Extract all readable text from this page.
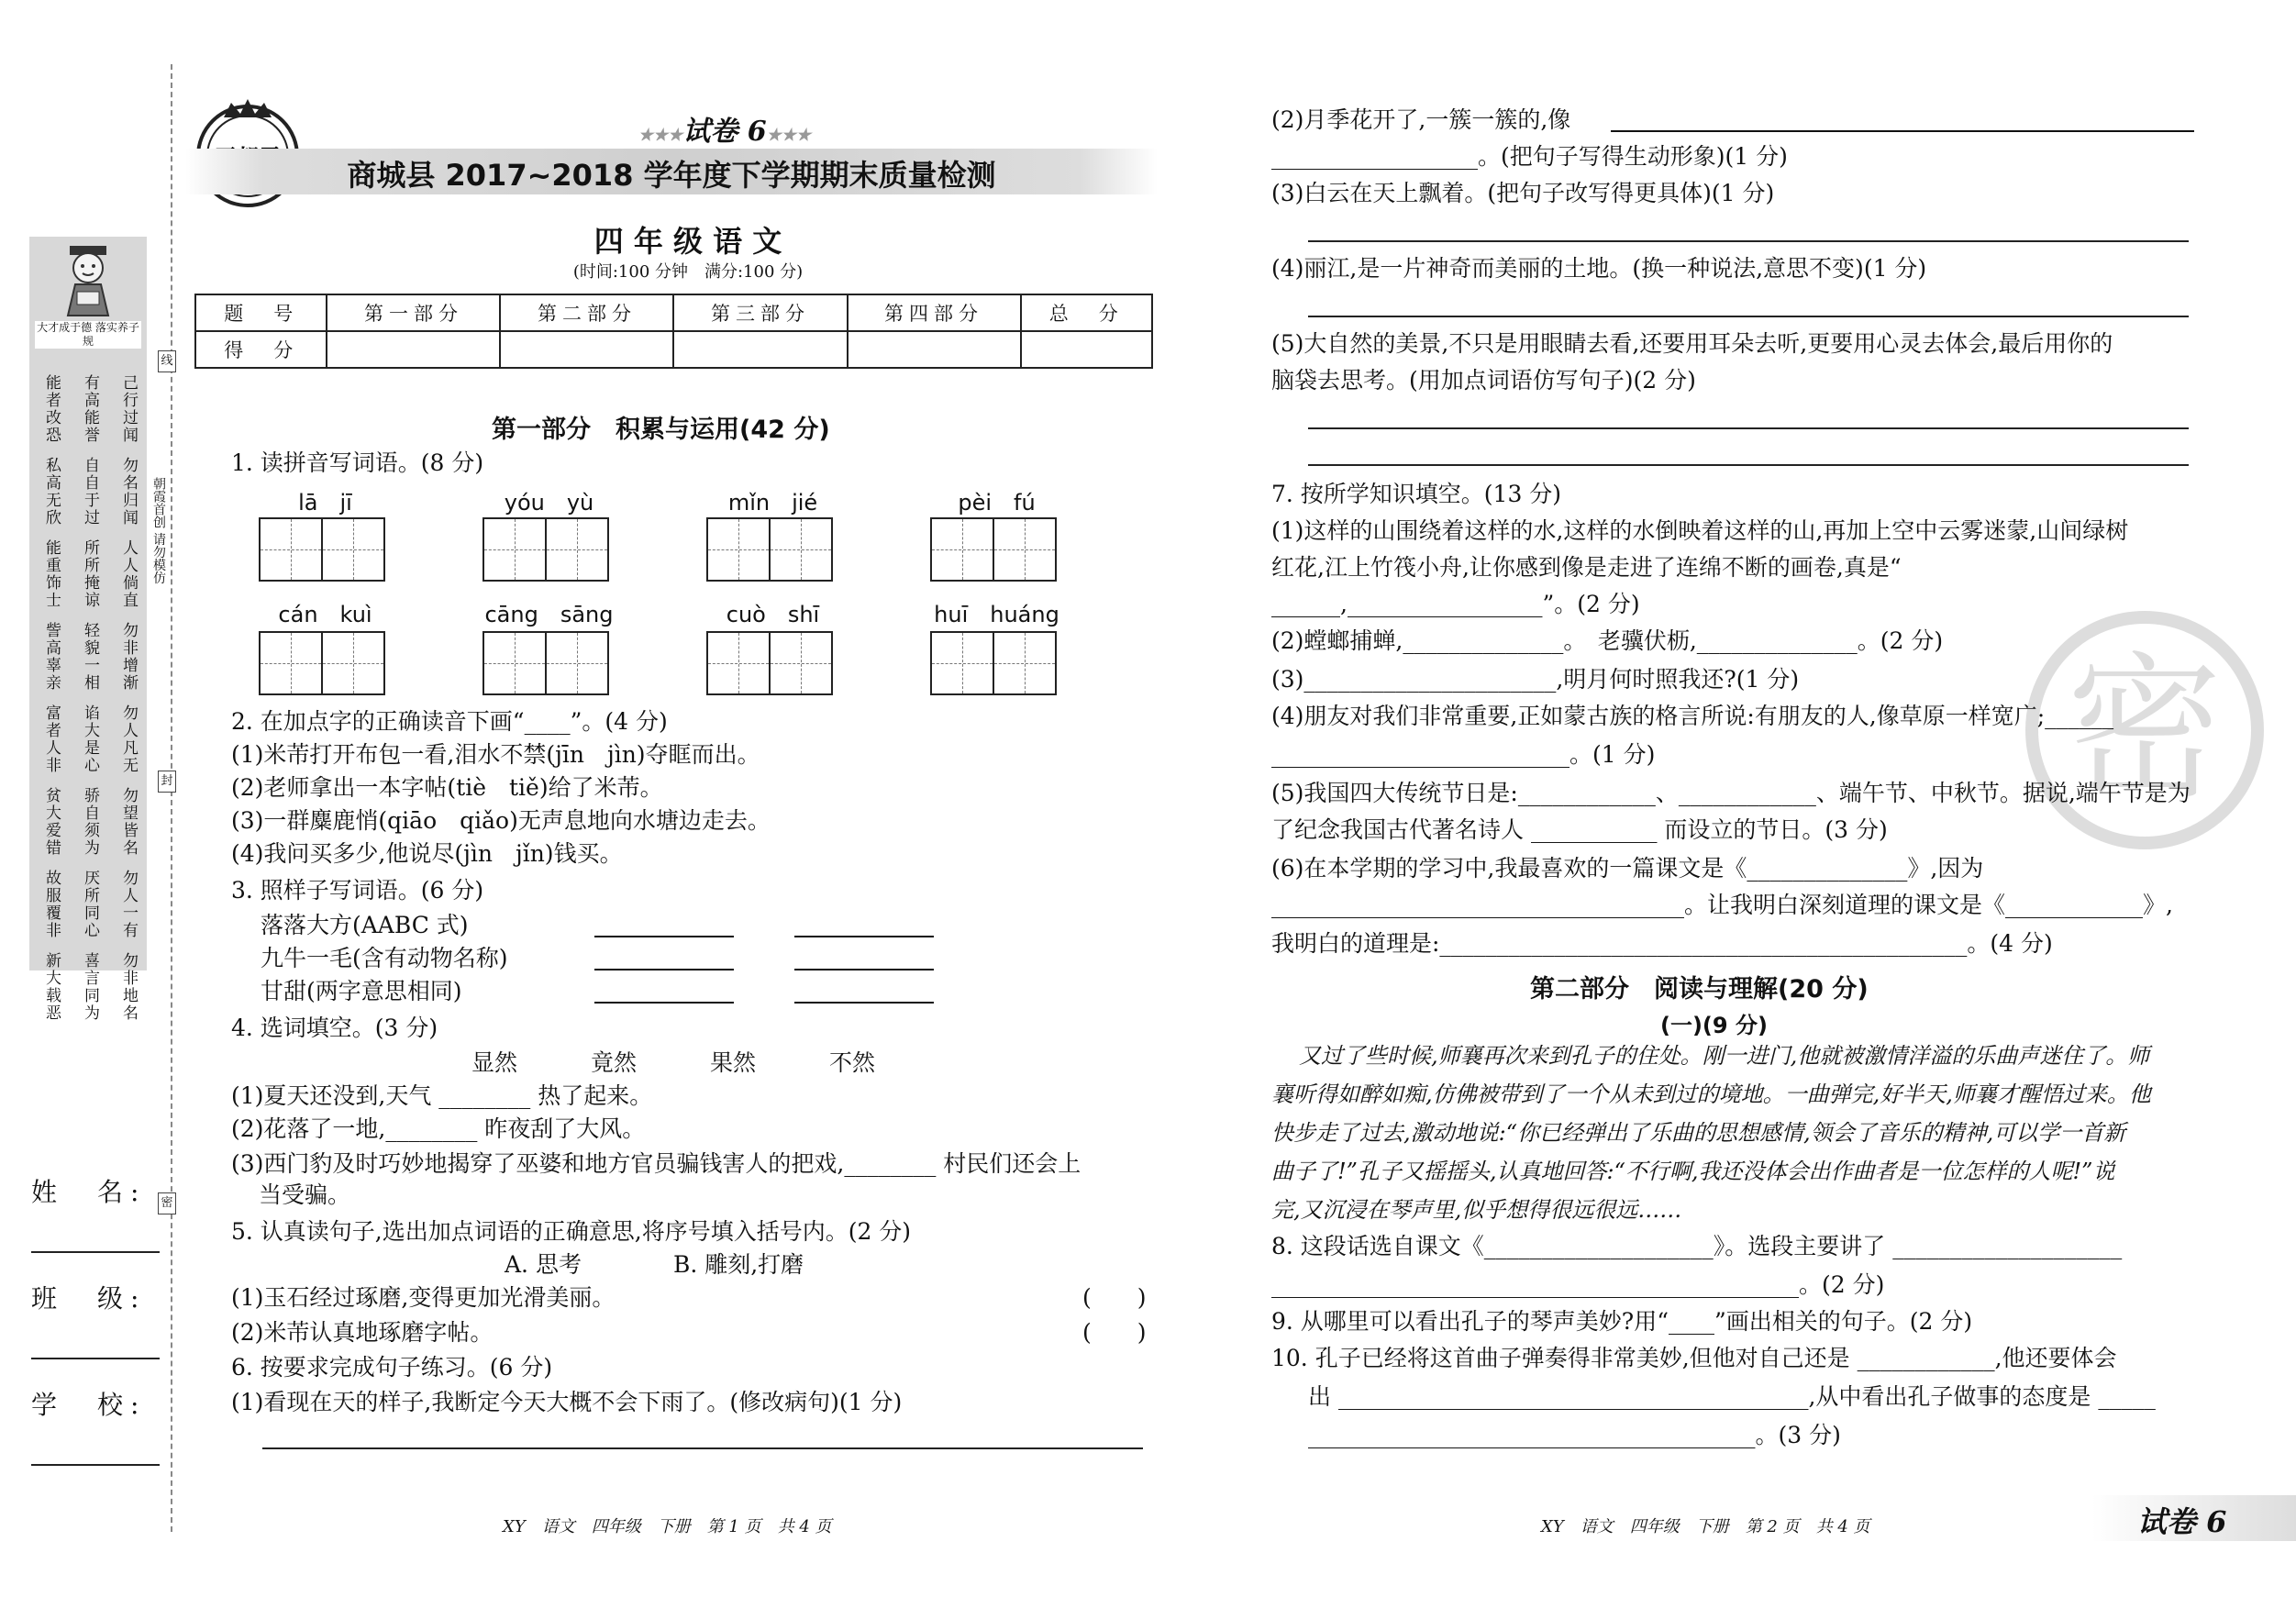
线
朝霞首创 请勿模仿
封
密
大才成于德 落实养子规
己行过闻
有高能誉
能者改恐
勿名归闻
自自于过
私高无欣
人人倘直
所所掩谅
能重饰士
勿非增渐
轻貌一相
訾高辜亲
勿人凡无
谄大是心
富者人非
勿望皆名
骄自须为
贫大爱错
勿人一有
厌所同心
故服覆非
勿非地名
喜言同为
新大载恶
姓　名:
班　级:
学　校:
★★★试卷 6★★★
商城县 2017~2018 学年度下学期期末质量检测
四 年 级 语 文
(时间:100 分钟　满分:100 分)
题　号	第一部分	第二部分	第三部分	第四部分	总　分
得　分					
第一部分　积累与运用(42 分)
1. 读拼音写词语。(8 分)
lā　jī	yóu　yù	mǐn　jié	pèi　fú
cán　kuì	cāng　sāng	cuò　shī	huī　huáng
2. 在加点字的正确读音下画“____”。(4 分)
(1)米芾打开布包一看,泪水不禁(jīn　jìn)夺眶而出。
(2)老师拿出一本字帖(tiè　tiě)给了米芾。
(3)一群麋鹿悄(qiāo　qiǎo)无声息地向水塘边走去。
(4)我问买多少,他说尽(jìn　jǐn)钱买。
3. 照样子写词语。(6 分)
落落大方(AABC 式)
九牛一毛(含有动物名称)
甘甜(两字意思相同)
4. 选词填空。(3 分)
显然	竟然	果然	不然
(1)夏天还没到,天气 ________ 热了起来。
(2)花落了一地,________ 昨夜刮了大风。
(3)西门豹及时巧妙地揭穿了巫婆和地方官员骗钱害人的把戏,________ 村民们还会上
当受骗。
5. 认真读句子,选出加点词语的正确意思,将序号填入括号内。(2 分)
A. 思考　　　　B. 雕刻,打磨
(1)玉石经过琢磨,变得更加光滑美丽。	(　　)
(2)米芾认真地琢磨字帖。	(　　)
6. 按要求完成句子练习。(6 分)
(1)看现在天的样子,我断定今天大概不会下雨了。(修改病句)(1 分)
XY　语文　四年级　下册　第 1 页　共 4 页
(2)月季花开了,一簇一簇的,像
__________________。(把句子写得生动形象)(1 分)
(3)白云在天上飘着。(把句子改写得更具体)(1 分)
(4)丽江,是一片神奇而美丽的土地。(换一种说法,意思不变)(1 分)
(5)大自然的美景,不只是用眼睛去看,还要用耳朵去听,更要用心灵去体会,最后用你的
脑袋去思考。(用加点词语仿写句子)(2 分)
7. 按所学知识填空。(13 分)
(1)这样的山围绕着这样的水,这样的水倒映着这样的山,再加上空中云雾迷蒙,山间绿树
红花,江上竹筏小舟,让你感到像是走进了连绵不断的画卷,真是“
______,_________________”。(2 分)
(2)螳螂捕蝉,______________。　老骥伏枥,______________。(2 分)
(3)______________________,明月何时照我还?(1 分)
(4)朋友对我们非常重要,正如蒙古族的格言所说:有朋友的人,像草原一样宽广;______
__________________________。(1 分)
(5)我国四大传统节日是:____________、____________、端午节、中秋节。据说,端午节是为
了纪念我国古代著名诗人 ___________ 而设立的节日。(3 分)
(6)在本学期的学习中,我最喜欢的一篇课文是《______________》,因为
____________________________________。让我明白深刻道理的课文是《____________》,
我明白的道理是:______________________________________________。(4 分)
第二部分　阅读与理解(20 分)
(一)(9 分)
又过了些时候,师襄再次来到孔子的住处。刚一进门,他就被激情洋溢的乐曲声迷住了。师
襄听得如醉如痴,仿佛被带到了一个从未到过的境地。一曲弹完,好半天,师襄才醒悟过来。他
快步走了过去,激动地说:“你已经弹出了乐曲的思想感情,领会了音乐的精神,可以学一首新
曲子了!”孔子又摇摇头,认真地回答:“不行啊,我还没体会出作曲者是一位怎样的人呢!”说
完,又沉浸在琴声里,似乎想得很远很远……
8. 这段话选自课文《____________________》。选段主要讲了 ____________________
______________________________________________。(2 分)
9. 从哪里可以看出孔子的琴声美妙?用“____”画出相关的句子。(2 分)
10. 孔子已经将这首曲子弹奏得非常美妙,但他对自己还是 ____________,他还要体会
出 _________________________________________,从中看出孔子做事的态度是 _____
_______________________________________。(3 分)
XY　语文　四年级　下册　第 2 页　共 4 页	试卷 6
密
